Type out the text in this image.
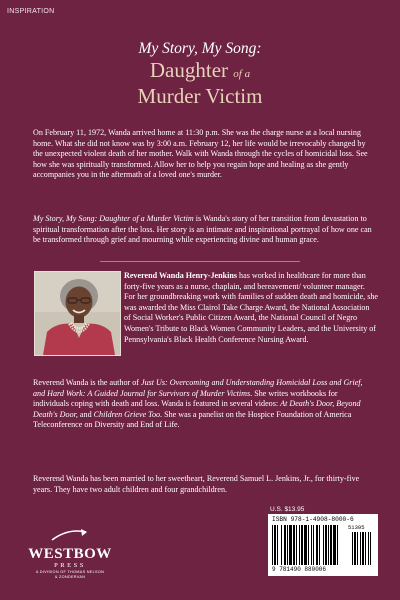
INSPIRATION
My Story, My Song:
Daughter of a
Murder Victim
On February 11, 1972, Wanda arrived home at 11:30 p.m. She was the charge nurse at a local nursing home. What she did not know was by 3:00 a.m. February 12, her life would be irrevocably changed by the unexpected violent death of her mother. Walk with Wanda through the cycles of homicidal loss. See how she was spiritually transformed. Allow her to help you regain hope and healing as she gently accompanies you in the aftermath of a loved one's murder.
My Story, My Song: Daughter of a Murder Victim is Wanda's story of her transition from devastation to spiritual transformation after the loss. Her story is an intimate and inspirational portrayal of how one can be transformed through grief and mourning while experiencing divine and human grace.
Reverend Wanda Henry-Jenkins has worked in healthcare for more than forty-five years as a nurse, chaplain, and bereavement/ volunteer manager. For her groundbreaking work with families of sudden death and homicide, she was awarded the Miss Clairol Take Charge Award, the National Association of Social Worker's Public Citizen Award, the National Council of Negro Women's Tribute to Black Women Community Leaders, and the University of Pennsylvania's Black Health Conference Nursing Award.
Reverend Wanda is the author of Just Us: Overcoming and Understanding Homicidal Loss and Grief, and Hard Work: A Guided Journal for Survivors of Murder Victims. She writes workbooks for individuals coping with death and loss. Wanda is featured in several videos: At Death's Door, Beyond Death's Door, and Children Grieve Too. She was a panelist on the Hospice Foundation of America Teleconference on Diversity and End of Life.
Reverend Wanda has been married to her sweetheart, Reverend Samuel L. Jenkins, Jr., for thirty-five years. They have two adult children and four grandchildren.
U.S. $13.95
ISBN 978-1-4908-8000-6
51395
9 781490 880006
WESTBOW
PRESS
A DIVISION OF THOMAS NELSON
& ZONDERVAN
